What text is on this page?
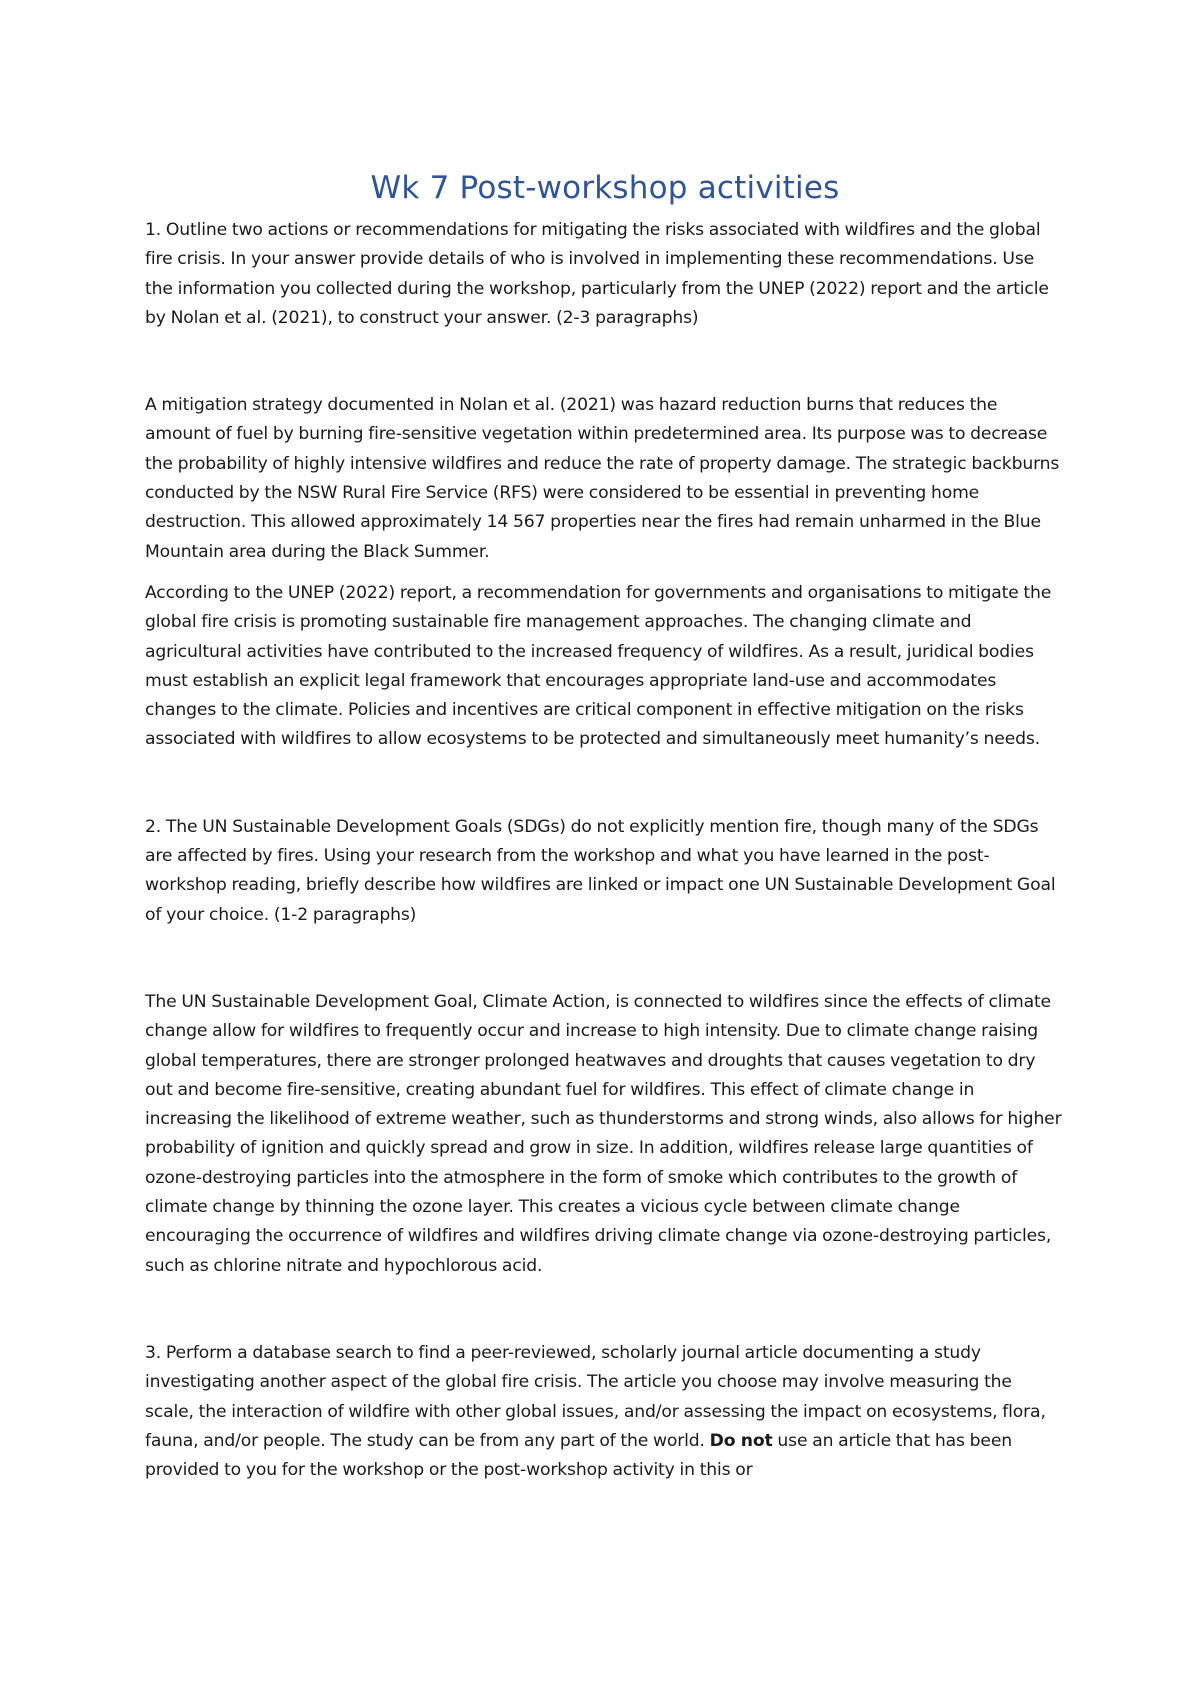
Wk 7 Post-workshop activities

1. Outline two actions or recommendations for mitigating the risks associated with wildfires and the global fire crisis. In your answer provide details of who is involved in implementing these recommendations. Use the information you collected during the workshop, particularly from the UNEP (2022) report and the article by Nolan et al. (2021), to construct your answer. (2-3 paragraphs)

A mitigation strategy documented in Nolan et al. (2021) was hazard reduction burns that reduces the amount of fuel by burning fire-sensitive vegetation within predetermined area. Its purpose was to decrease the probability of highly intensive wildfires and reduce the rate of property damage. The strategic backburns conducted by the NSW Rural Fire Service (RFS) were considered to be essential in preventing home destruction. This allowed approximately 14 567 properties near the fires had remain unharmed in the Blue Mountain area during the Black Summer.

According to the UNEP (2022) report, a recommendation for governments and organisations to mitigate the global fire crisis is promoting sustainable fire management approaches. The changing climate and agricultural activities have contributed to the increased frequency of wildfires. As a result, juridical bodies must establish an explicit legal framework that encourages appropriate land-use and accommodates changes to the climate. Policies and incentives are critical component in effective mitigation on the risks associated with wildfires to allow ecosystems to be protected and simultaneously meet humanity’s needs.

2. The UN Sustainable Development Goals (SDGs) do not explicitly mention fire, though many of the SDGs are affected by fires. Using your research from the workshop and what you have learned in the post-workshop reading, briefly describe how wildfires are linked or impact one UN Sustainable Development Goal of your choice. (1-2 paragraphs)

The UN Sustainable Development Goal, Climate Action, is connected to wildfires since the effects of climate change allow for wildfires to frequently occur and increase to high intensity. Due to climate change raising global temperatures, there are stronger prolonged heatwaves and droughts that causes vegetation to dry out and become fire-sensitive, creating abundant fuel for wildfires. This effect of climate change in increasing the likelihood of extreme weather, such as thunderstorms and strong winds, also allows for higher probability of ignition and quickly spread and grow in size. In addition, wildfires release large quantities of ozone-destroying particles into the atmosphere in the form of smoke which contributes to the growth of climate change by thinning the ozone layer. This creates a vicious cycle between climate change encouraging the occurrence of wildfires and wildfires driving climate change via ozone-destroying particles, such as chlorine nitrate and hypochlorous acid.

3. Perform a database search to find a peer-reviewed, scholarly journal article documenting a study investigating another aspect of the global fire crisis. The article you choose may involve measuring the scale, the interaction of wildfire with other global issues, and/or assessing the impact on ecosystems, flora, fauna, and/or people. The study can be from any part of the world. Do not use an article that has been provided to you for the workshop or the post-workshop activity in this or
